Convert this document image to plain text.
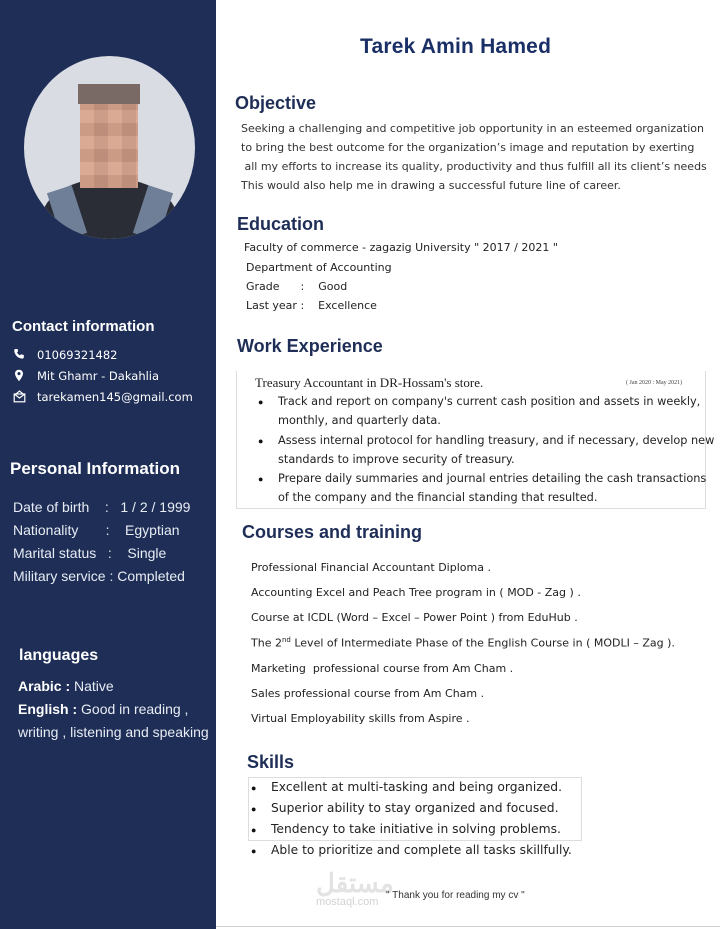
Contact information
01069321482
Mit Ghamr - Dakahlia
tarekamen145@gmail.com
Personal Information
Date of birth    :   1 / 2 / 1999
Nationality       :    Egyptian
Marital status   :    Single
Military service : Completed
languages
Arabic : Native
English : Good in reading ,
writing , listening and speaking
Tarek Amin Hamed
Objective
Seeking a challenging and competitive job opportunity in an esteemed organization
to bring the best outcome for the organization’s image and reputation by exerting
all my efforts to increase its quality, productivity and thus fulfill all its client’s needs
This would also help me in drawing a successful future line of career.
Education
Faculty of commerce - zagazig University " 2017 / 2021 "
Department of Accounting
Grade      :    Good
Last year :    Excellence
Work Experience
Treasury Accountant in DR-Hossam's store.	( Jan 2020 : May 2021)
● Track and report on company's current cash position and assets in weekly,
monthly, and quarterly data.
● Assess internal protocol for handling treasury, and if necessary, develop new
standards to improve security of treasury.
● Prepare daily summaries and journal entries detailing the cash transactions
of the company and the financial standing that resulted.
Courses and training
Professional Financial Accountant Diploma .
Accounting Excel and Peach Tree program in ( MOD - Zag ) .
Course at ICDL (Word – Excel – Power Point ) from EduHub .
The 2nd Level of Intermediate Phase of the English Course in ( MODLI – Zag ).
Marketing  professional course from Am Cham .
Sales professional course from Am Cham .
Virtual Employability skills from Aspire .
Skills
● Excellent at multi-tasking and being organized.
● Superior ability to stay organized and focused.
● Tendency to take initiative in solving problems.
● Able to prioritize and complete all tasks skillfully.
مستقل
mostaql.com
" Thank you for reading my cv "
